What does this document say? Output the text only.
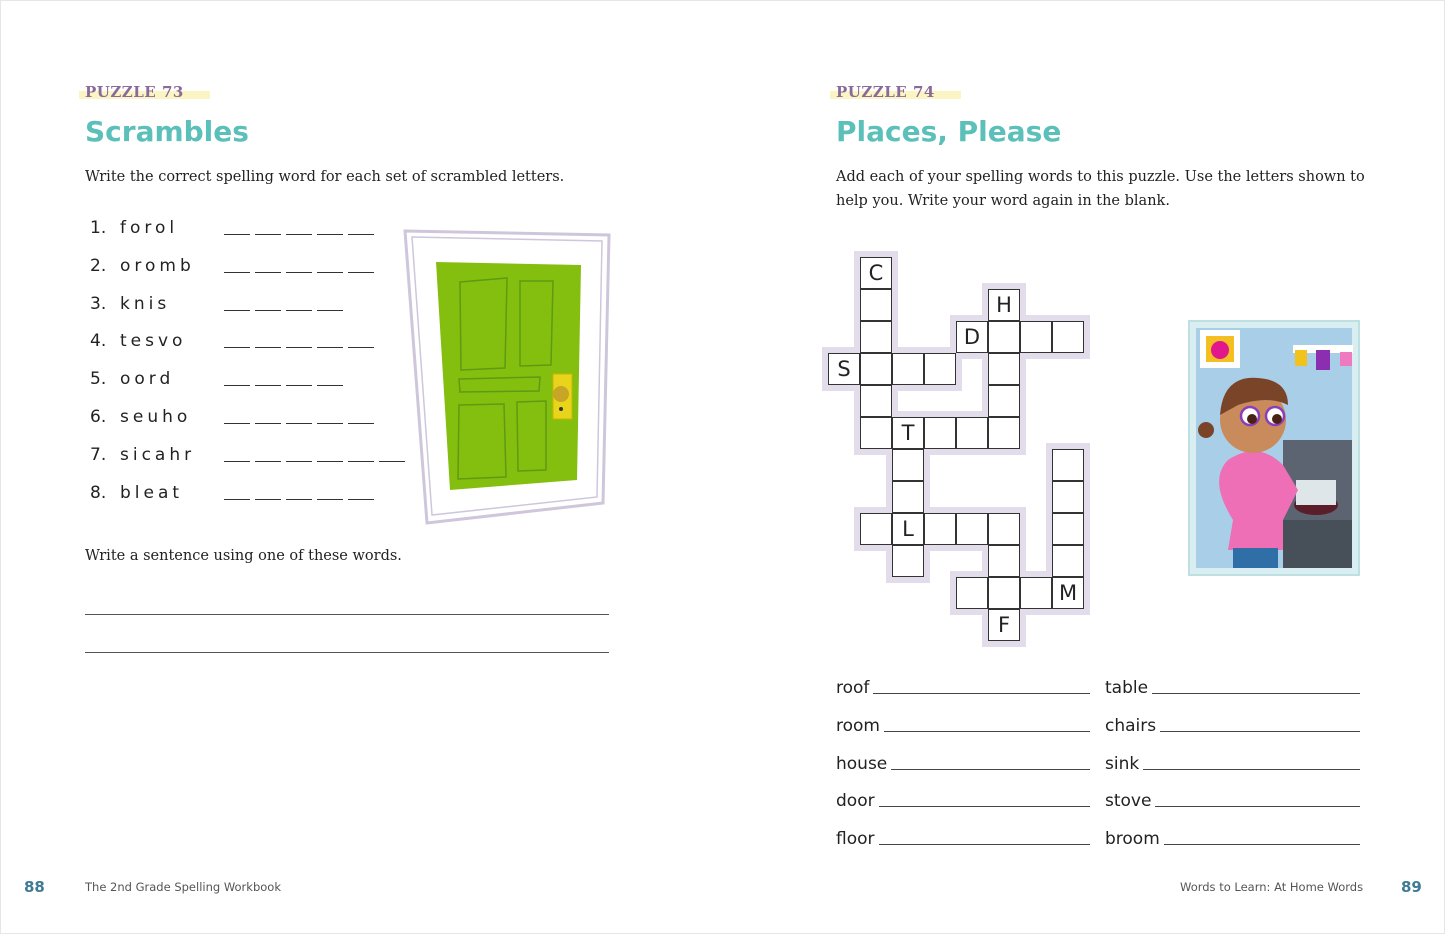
PUZZLE 73
Scrambles
Write the correct spelling word for each set of scrambled letters.
1. forol
2. oromb
3. knis
4. tesvo
5. oord
6. seuho
7. sicahr
8. bleat
Write a sentence using one of these words.
88	The 2nd Grade Spelling Workbook
PUZZLE 74
Places, Please
Add each of your spelling words to this puzzle. Use the letters shown to
help you. Write your word again in the blank.
C
H
D
S
T
L
F
M
roof
room
house
door
floor
table
chairs
sink
stove
broom
Words to Learn: At Home Words	89
